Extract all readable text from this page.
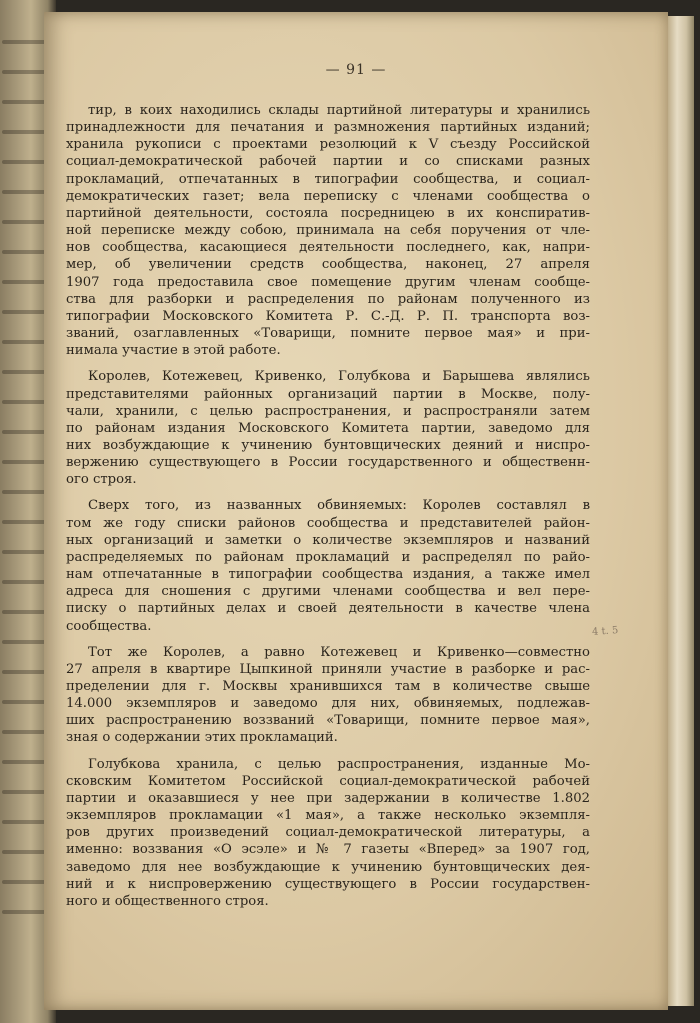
— 91 —
4 t. 5
тир, в коих находились склады партийной литературы и хранились
принадлежности для печатания и размножения партийных изданий;
хранила рукописи с проектами резолюций к V съезду Российской
социал-демократической рабочей партии и со списками разных
прокламаций, отпечатанных в типографии сообщества, и социал-
демократических газет; вела переписку с членами сообщества о
партийной деятельности, состояла посредницею в их конспиратив-
ной переписке между собою, принимала на себя поручения от чле-
нов сообщества, касающиеся деятельности последнего, как, напри-
мер, об увеличении средств сообщества, наконец, 27 апреля
1907 года предоставила свое помещение другим членам сообще-
ства для разборки и распределения по районам полученного из
типографии Московского Комитета Р. С.-Д. Р. П. транспорта воз-
званий, озаглавленных «Товарищи, помните первое мая» и при-
нимала участие в этой работе.
Королев, Котежевец, Кривенко, Голубкова и Барышева являлись
представителями районных организаций партии в Москве, полу-
чали, хранили, с целью распространения, и распространяли затем
по районам издания Московского Комитета партии, заведомо для
них возбуждающие к учинению бунтовщических деяний и ниспро-
вержению существующего в России государственного и общественн-
ого строя.
Сверх того, из названных обвиняемых: Королев составлял в
том же году списки районов сообщества и представителей район-
ных организаций и заметки о количестве экземпляров и названий
распределяемых по районам прокламаций и распределял по райо-
нам отпечатанные в типографии сообщества издания, а также имел
адреса для сношения с другими членами сообщества и вел пере-
писку о партийных делах и своей деятельности в качестве члена
сообщества.
Тот же Королев, а равно Котежевец и Кривенко—совместно
27 апреля в квартире Цыпкиной приняли участие в разборке и рас-
пределении для г. Москвы хранившихся там в количестве свыше
14.000 экземпляров и заведомо для них, обвиняемых, подлежав-
ших распространению воззваний «Товарищи, помните первое мая»,
зная о содержании этих прокламаций.
Голубкова хранила, с целью распространения, изданные Мо-
сковским Комитетом Российской социал-демократической рабочей
партии и оказавшиеся у нее при задержании в количестве 1.802
экземпляров прокламации «1 мая», а также несколько экземпля-
ров других произведений социал-демократической литературы, а
именно: воззвания «О эсэле» и № 7 газеты «Вперед» за 1907 год,
заведомо для нее возбуждающие к учинению бунтовщических дея-
ний и к ниспровержению существующего в России государствен-
ного и общественного строя.
